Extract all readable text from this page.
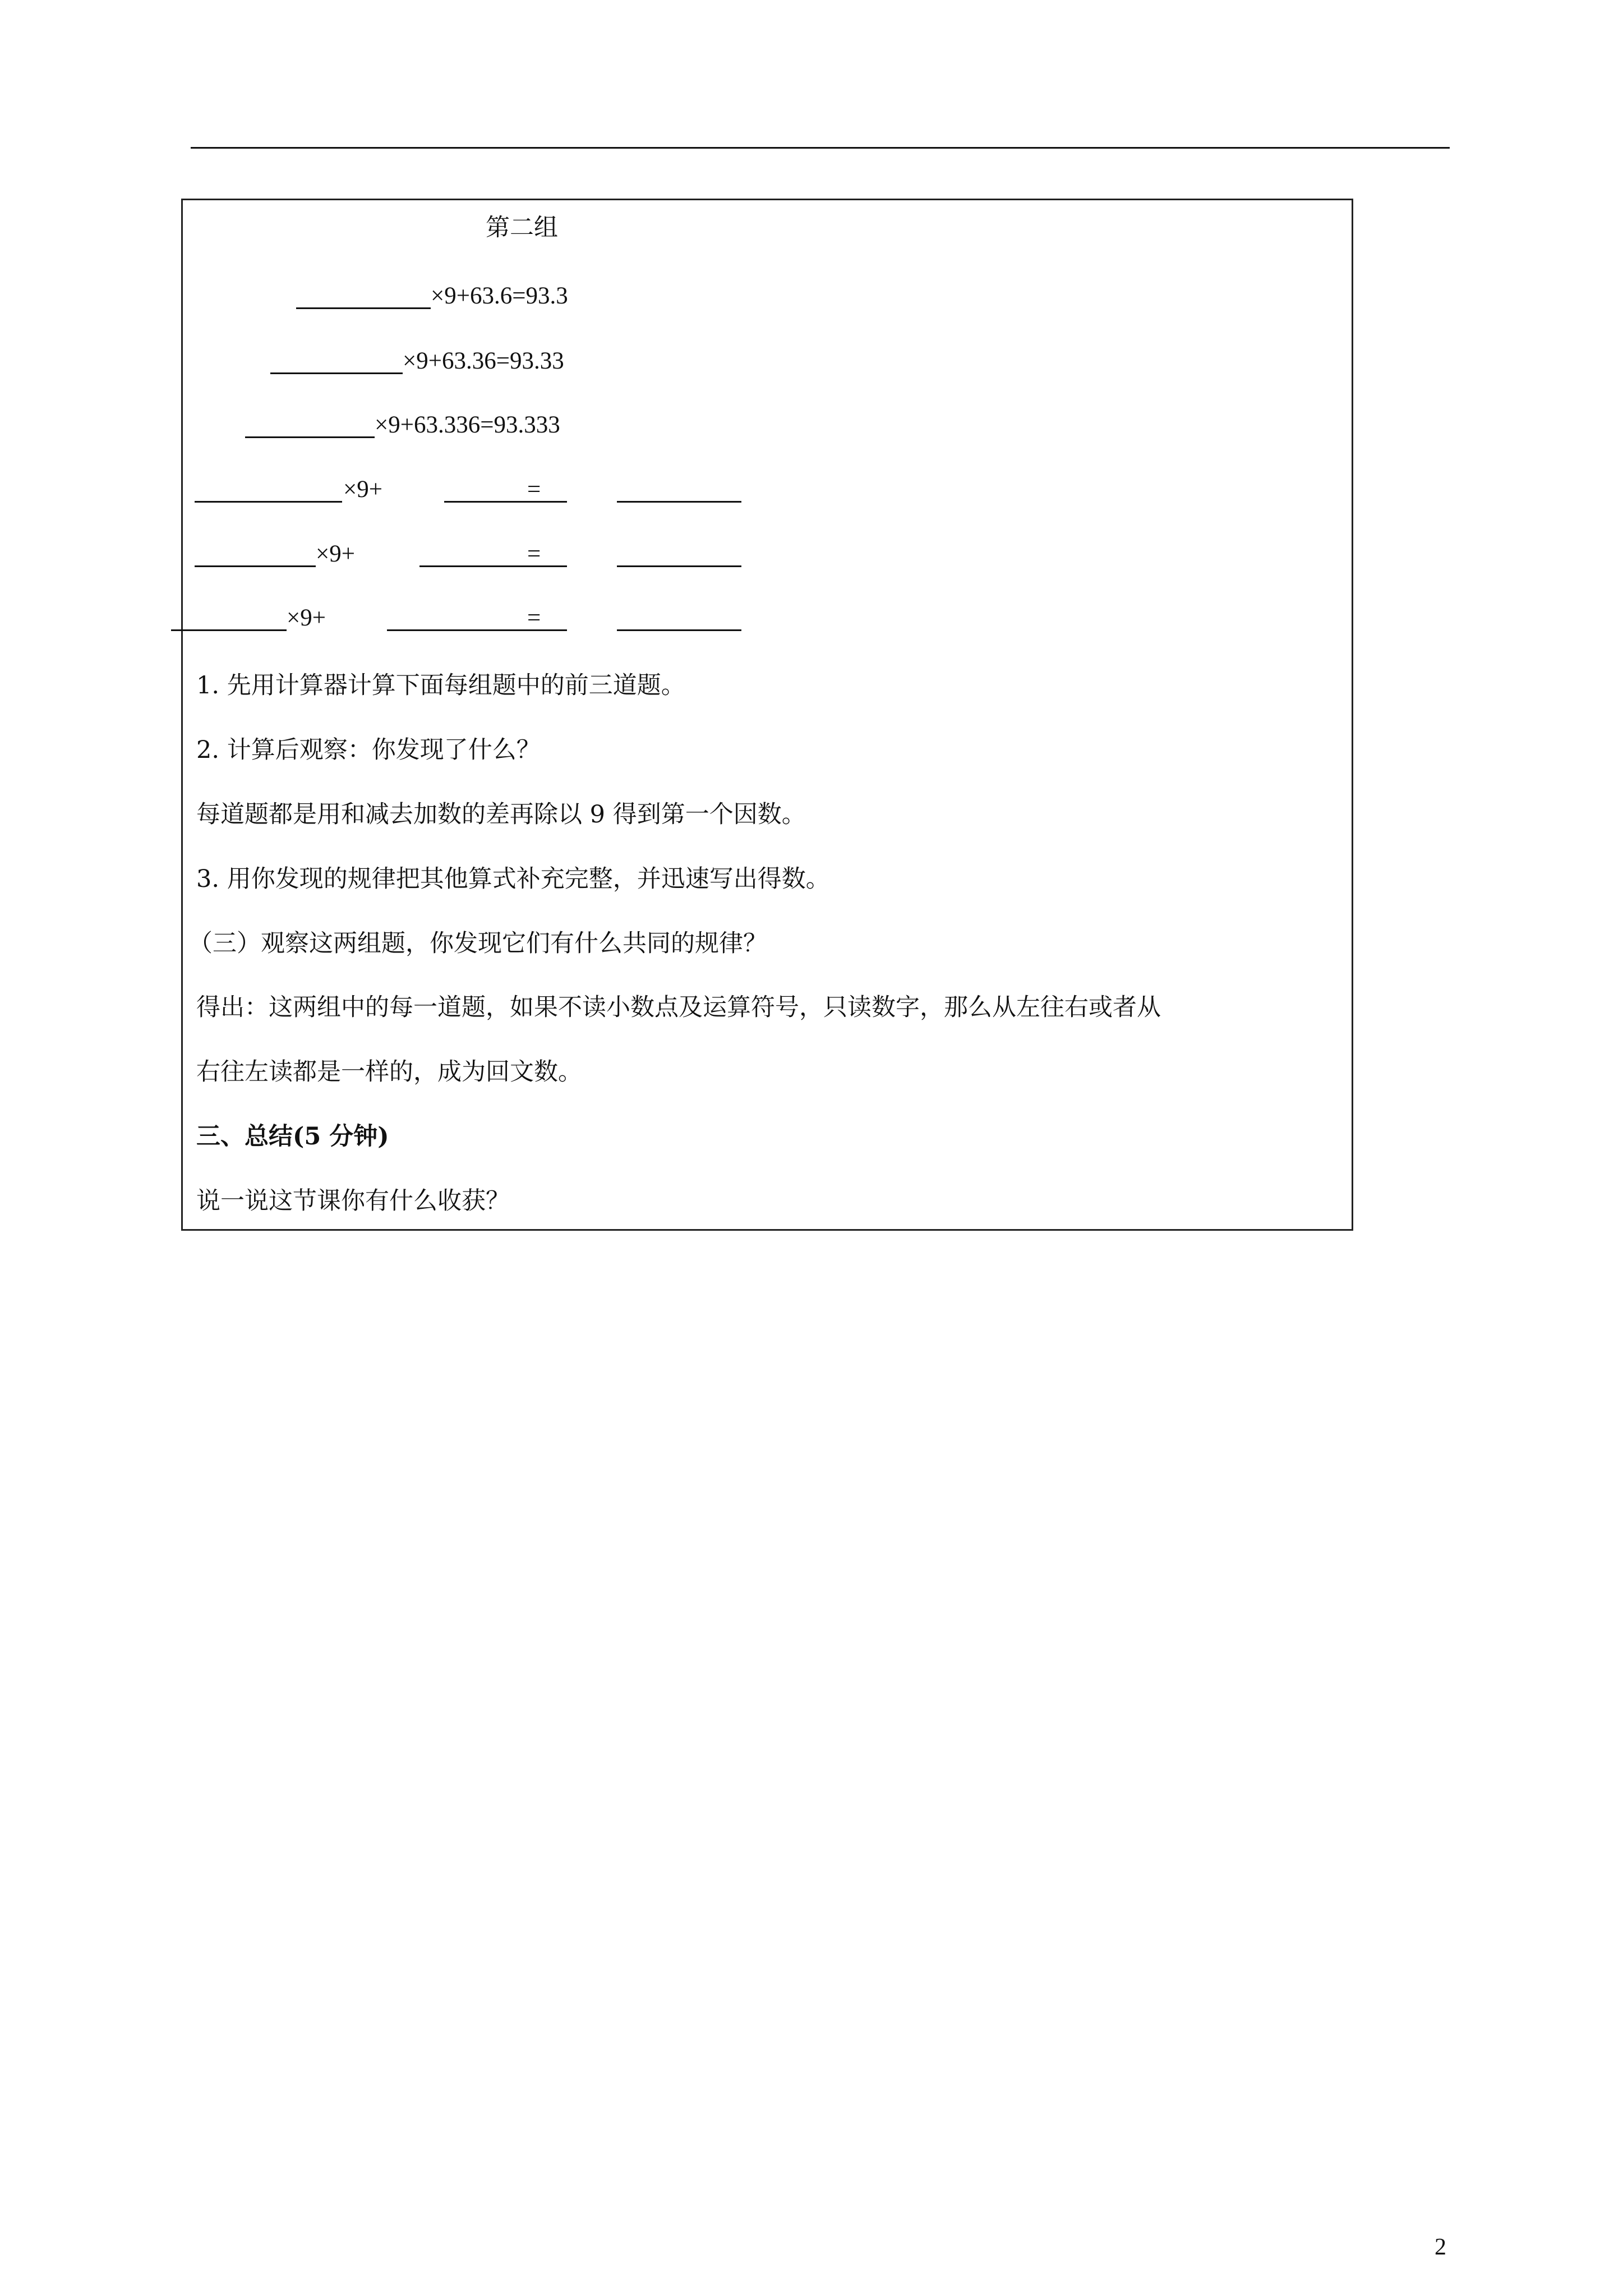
第二组
×9+63.6=93.3
×9+63.36=93.33
×9+63.336=93.333
×9+	=
×9+	=
×9+	=
1. 先用计算器计算下面每组题中的前三道题。
2. 计算后观察：你发现了什么？
每道题都是用和减去加数的差再除以 9 得到第一个因数。
3. 用你发现的规律把其他算式补充完整，并迅速写出得数。
（三）观察这两组题，你发现它们有什么共同的规律？
得出：这两组中的每一道题，如果不读小数点及运算符号，只读数字，那么从左往右或者从
右往左读都是一样的，成为回文数。
三、总结(5 分钟)
说一说这节课你有什么收获？
2
